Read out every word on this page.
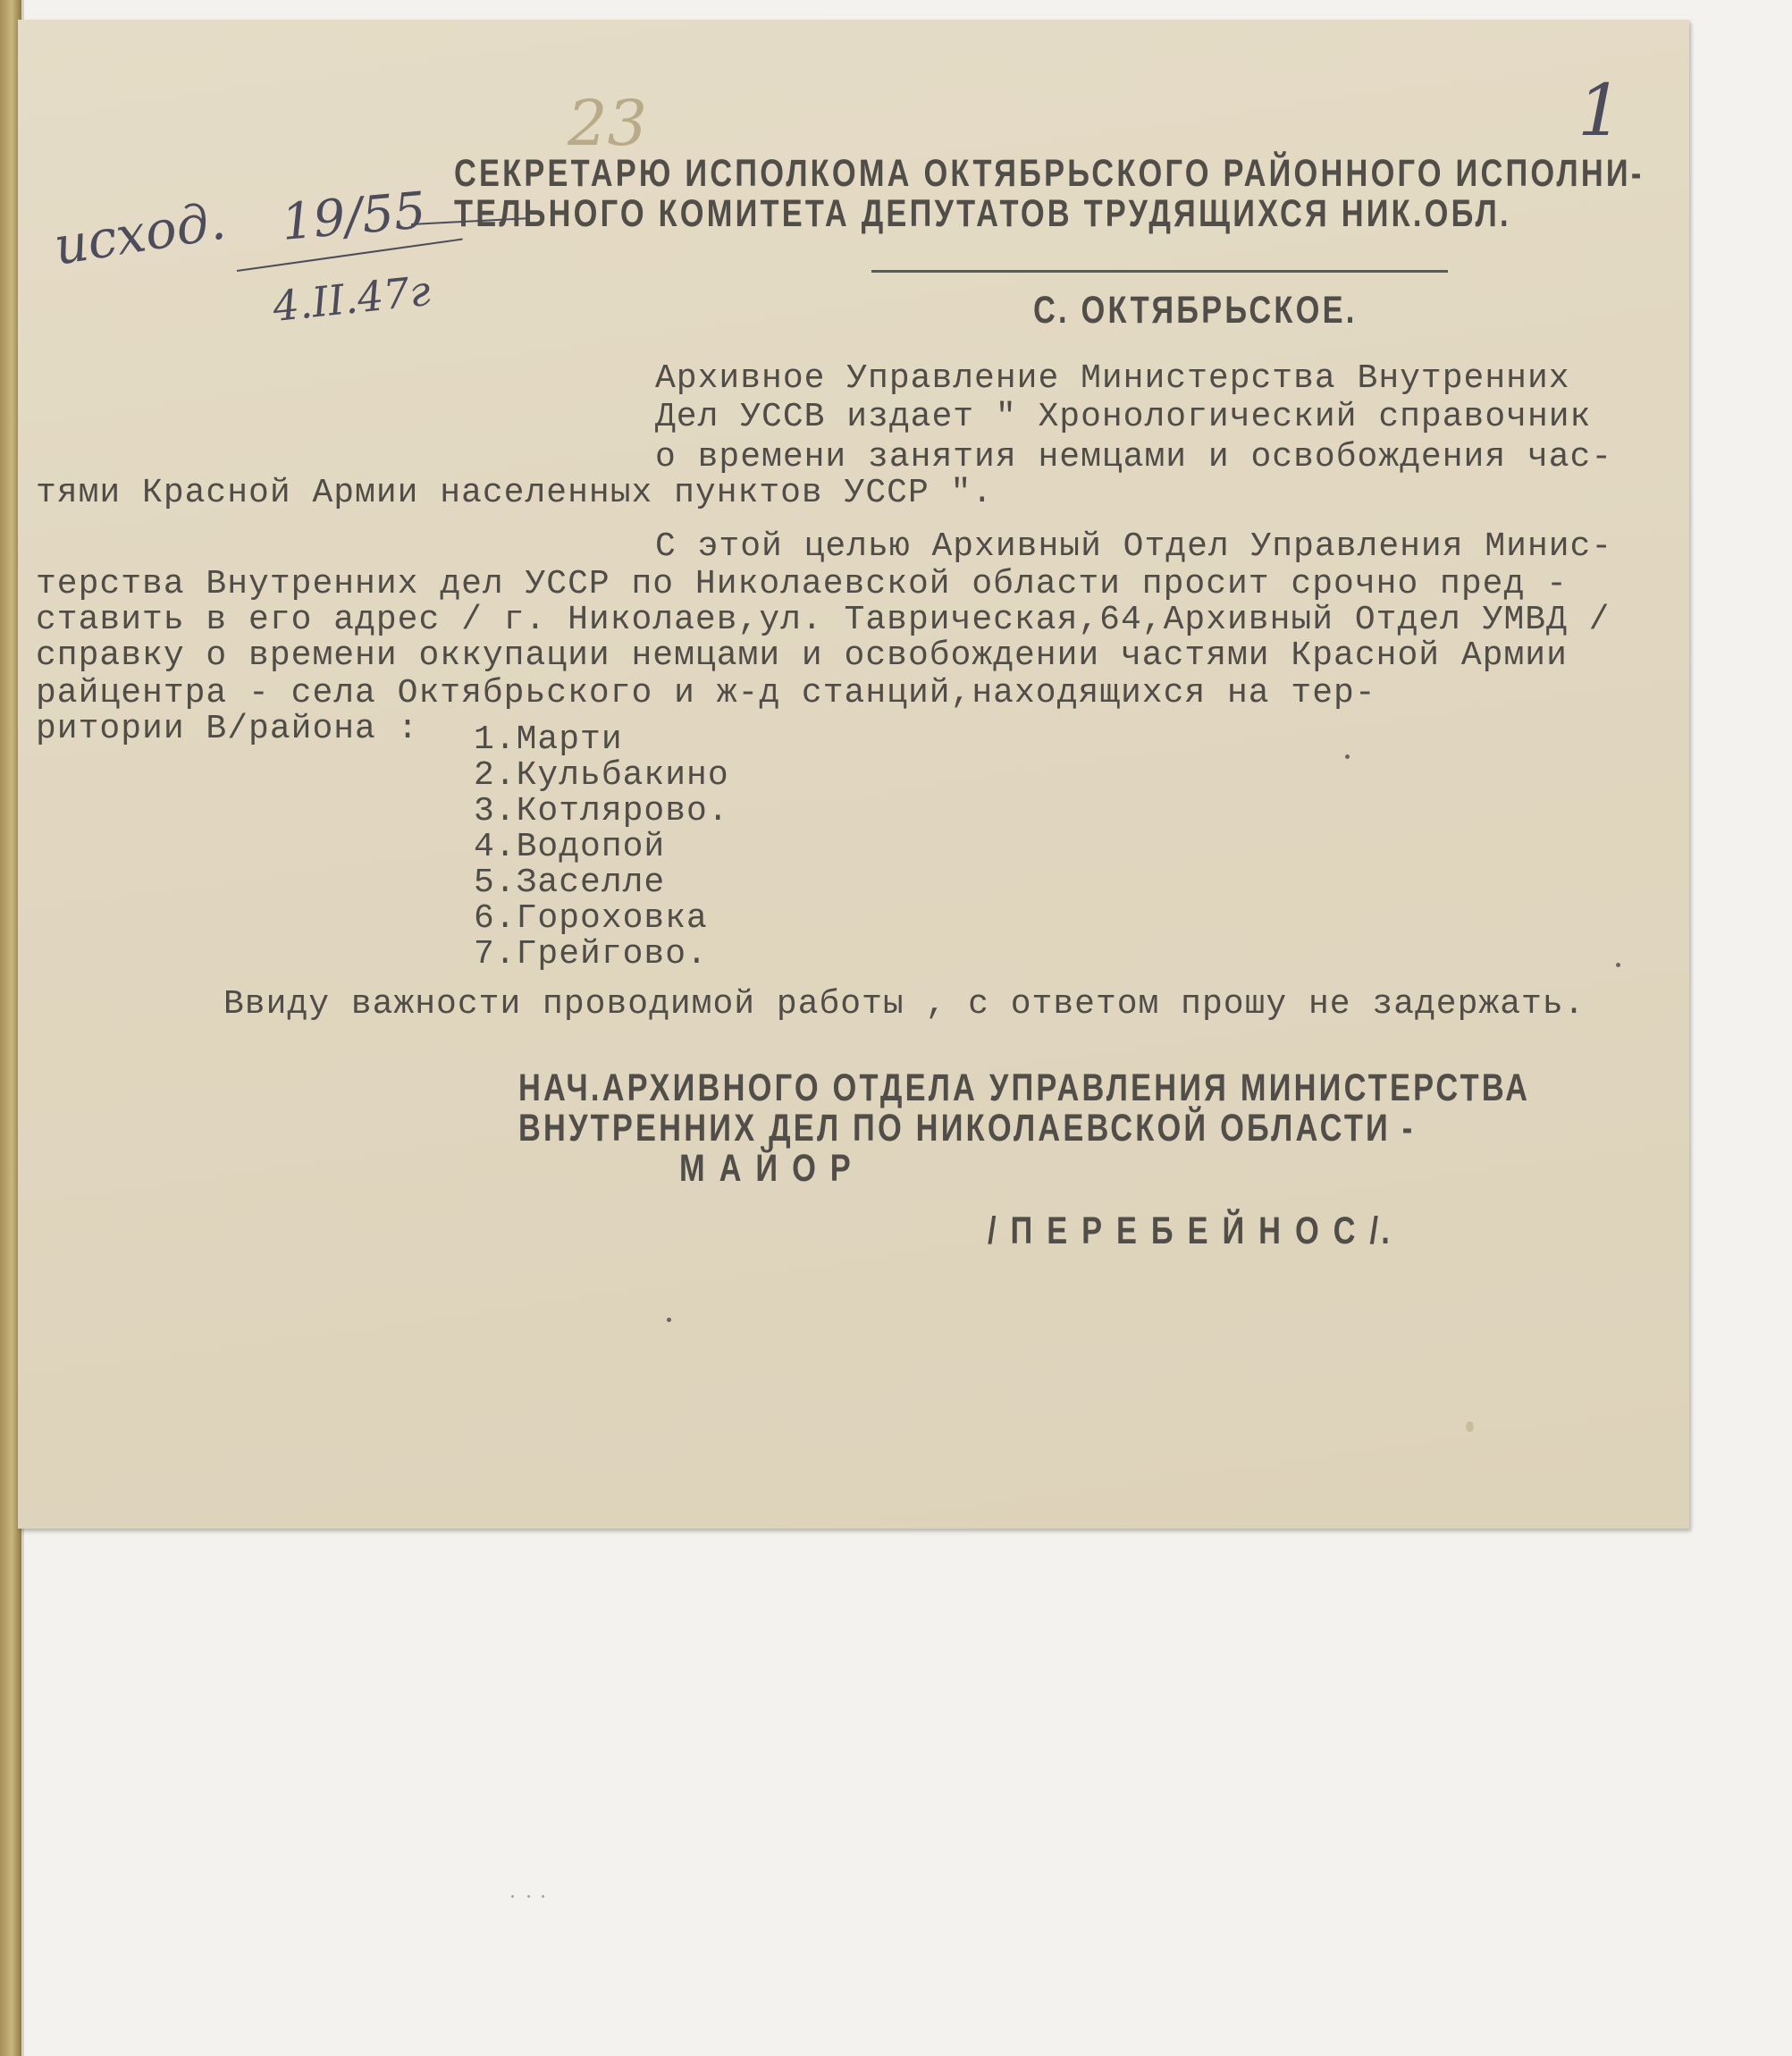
23	1
исход. 19/55
4.II.47г
СЕКРЕТАРЮ ИСПОЛКОМА ОКТЯБРЬСКОГО РАЙОННОГО ИСПОЛНИ-
ТЕЛЬНОГО КОМИТЕТА ДЕПУТАТОВ ТРУДЯЩИХСЯ НИК.ОБЛ.
С. ОКТЯБРЬСКОЕ.
Архивное Управление Министерства Внутренних
Дел УССВ издает " Хронологический справочник
о времени занятия немцами и освобождения час-
тями Красной Армии населенных пунктов УССР ".
С этой целью Архивный Отдел Управления Минис-
терства Внутренних дел УССР по Николаевской области просит срочно пред -
ставить в его адрес / г. Николаев,ул. Таврическая,64,Архивный Отдел УМВД /
справку о времени оккупации немцами и освобождении частями Красной Армии
райцентра - села Октябрьского и ж-д станций,находящихся на тер-
ритории В/района : 1.Марти
2.Кульбакино
3.Котлярово.
4.Водопой
5.Заселле
6.Гороховка
7.Грейгово.
Ввиду важности проводимой работы , с ответом прошу не задержать.
НАЧ.АРХИВНОГО ОТДЕЛА УПРАВЛЕНИЯ МИНИСТЕРСТВА
ВНУТРЕННИХ ДЕЛ ПО НИКОЛАЕВСКОЙ ОБЛАСТИ -
М А Й О Р
/ П Е Р Е Б Е Й Н О С /.
